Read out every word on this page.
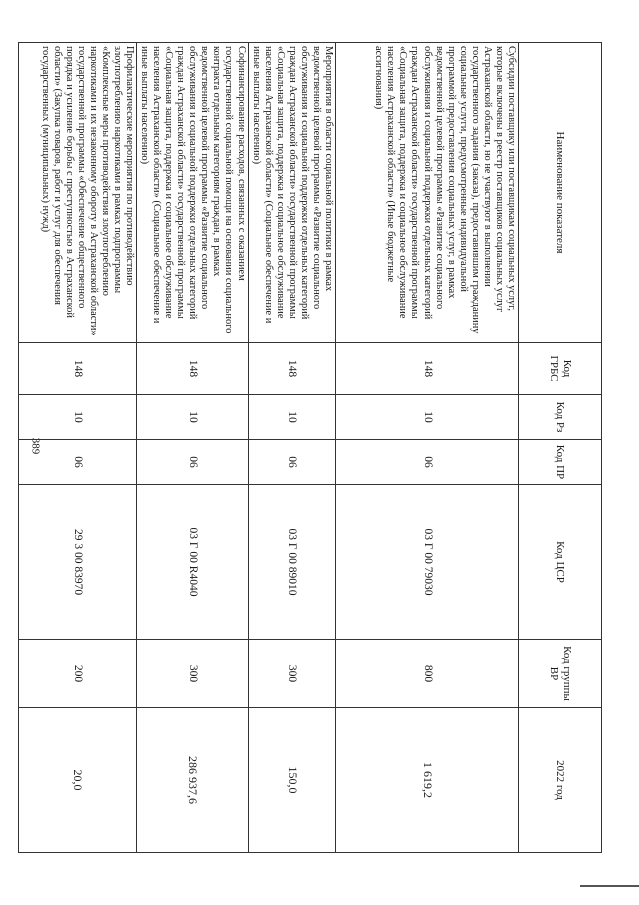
389
Наименование показателя	Код ГРБС	Код Рз	Код ПР	Код ЦСР	Код группы ВР	2022 год
Субсидии поставщику или поставщикам социальных услуг, которые включены в реестр поставщиков социальных услуг Астраханской области, но не участвуют в выполнении государственного задания (заказа), предоставившим гражданину социальные услуги, предусмотренные индивидуальной программой предоставления социальных услуг, в рамках ведомственной целевой программы «Развитие социального обслуживания и социальной поддержки отдельных категорий граждан Астраханской области» государственной программы «Социальная защита, поддержка и социальное обслуживание населения Астраханской области» (Иные бюджетные ассигнования)	148	10	06	03 Г 00 79030	800	1 619,2
Мероприятия в области социальной политики в рамках ведомственной целевой программы «Развитие социального обслуживания и социальной поддержки отдельных категорий граждан Астраханской области» государственной программы «Социальная защита, поддержка и социальное обслуживание населения Астраханской области» (Социальное обеспечение и иные выплаты населению)	148	10	06	03 Г 00 89010	300	150,0
Софинансирование расходов, связанных с оказанием государственной социальной помощи на основании социального контракта отдельным категориям граждан, в рамках ведомственной целевой программы «Развитие социального обслуживания и социальной поддержки отдельных категорий граждан Астраханской области» государственной программы «Социальная защита, поддержка и социальное обслуживание населения Астраханской области» (Социальное обеспечение и иные выплаты населению)	148	10	06	03 Г 00 R4040	300	286 937,6
Профилактические мероприятия по противодействию злоупотреблению наркотиками в рамках подпрограммы «Комплексные меры противодействия злоупотреблению наркотиками и их незаконному обороту в Астраханской области» государственной программы «Обеспечение общественного порядка и усиление борьбы с преступностью в Астраханской области» (Закупка товаров, работ и услуг для обеспечения государственных (муниципальных) нужд)	148	10	06	29 3 00 83970	200	20,0
